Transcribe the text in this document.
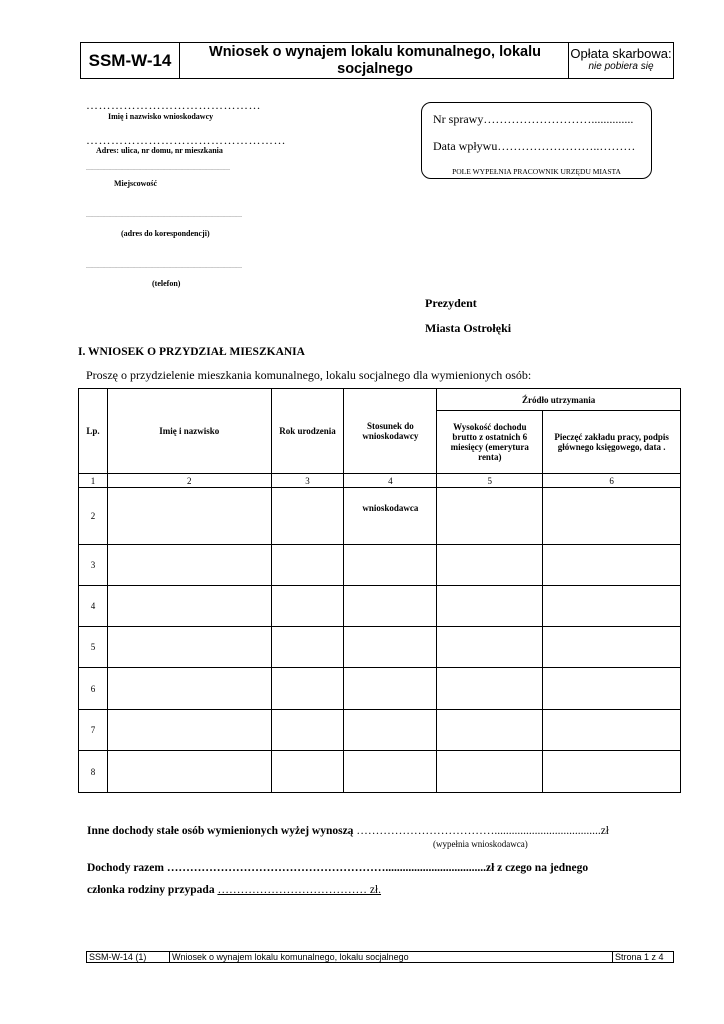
SSM-W-14	Wniosek o wynajem lokalu komunalnego, lokalu socjalnego
Opłata skarbowa:
nie pobiera się
……………………………………
Imię i nazwisko wnioskodawcy
…………………………………………
Adres: ulica, nr domu, nr mieszkania
………………………………………………………………
Miejscowość
……………………………………………………………………
(adres do korespondencji)
……………………………………………………………………
(telefon)
Nr sprawy………………………..............
Data wpływu……………………..………
POLE WYPEŁNIA PRACOWNIK URZĘDU MIASTA
Prezydent
Miasta Ostrołęki
I. WNIOSEK O PRZYDZIAŁ MIESZKANIA
Proszę o przydzielenie mieszkania komunalnego, lokalu socjalnego dla wymienionych osób:
Lp.	Imię i nazwisko	Rok urodzenia	Stosunek do wnioskodawcy	Źródło utrzymania	
				Wysokość dochodu brutto z ostatnich 6 miesięcy (emerytura renta)	Pieczęć zakładu pracy, podpis głównego księgowego, data .
1	2	3	4	5	6
2			wnioskodawca		
3					
4					
5					
6					
7					
8					
Inne dochody stałe osób wymienionych wyżej wynoszą ……………………………….....................................zł
(wypełnia wnioskodawca)
Dochody razem …………………………………………………...................................zł z czego na jednego
członka rodziny przypada ………………………………… zł.
SSM-W-14 (1)	Wniosek o wynajem lokalu komunalnego, lokalu socjalnego	Strona 1 z 4
